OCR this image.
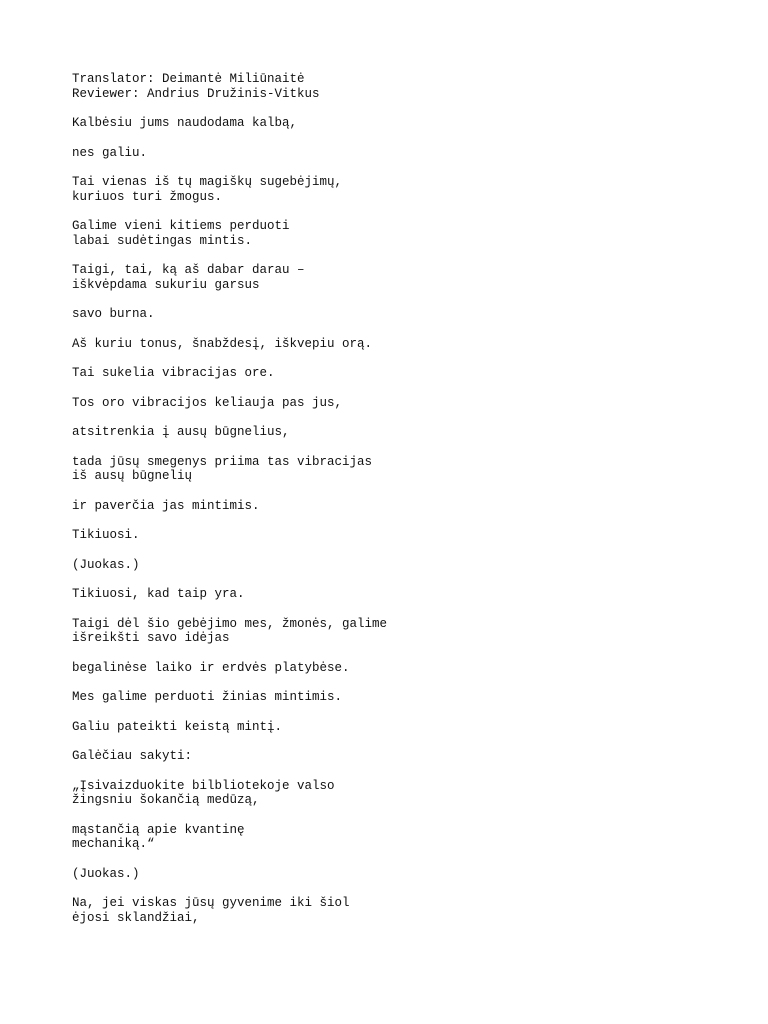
Translator: Deimantė Miliūnaitė
Reviewer: Andrius Družinis-Vitkus
Kalbėsiu jums naudodama kalbą,
nes galiu.
Tai vienas iš tų magiškų sugebėjimų,
kuriuos turi žmogus.
Galime vieni kitiems perduoti
labai sudėtingas mintis.
Taigi, tai, ką aš dabar darau –
iškvėpdama sukuriu garsus
savo burna.
Aš kuriu tonus, šnabždesį, iškvepiu orą.
Tai sukelia vibracijas ore.
Tos oro vibracijos keliauja pas jus,
atsitrenkia į ausų būgnelius,
tada jūsų smegenys priima tas vibracijas
iš ausų būgnelių
ir paverčia jas mintimis.
Tikiuosi.
(Juokas.)
Tikiuosi, kad taip yra.
Taigi dėl šio gebėjimo mes, žmonės, galime
išreikšti savo idėjas
begalinėse laiko ir erdvės platybėse.
Mes galime perduoti žinias mintimis.
Galiu pateikti keistą mintį.
Galėčiau sakyti:
„Įsivaizduokite bilbliotekoje valso
žingsniu šokančią medūzą,
mąstančią apie kvantinę
mechaniką.“
(Juokas.)
Na, jei viskas jūsų gyvenime iki šiol
ėjosi sklandžiai,
